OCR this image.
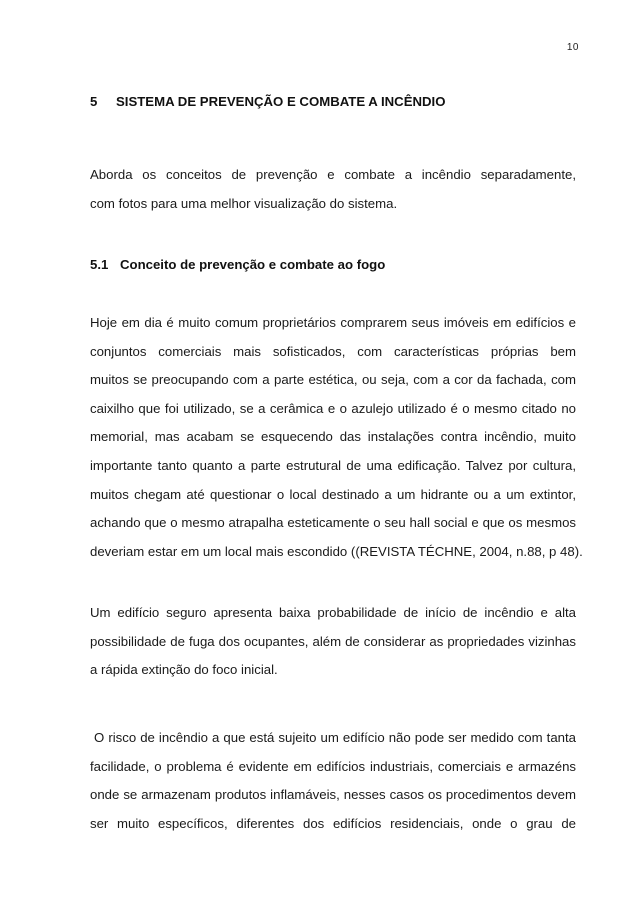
10
5 SISTEMA DE PREVENÇÃO E COMBATE A INCÊNDIO
Aborda os conceitos de prevenção e combate a incêndio separadamente,
com fotos para uma melhor visualização do sistema.
5.1 Conceito de prevenção e combate ao fogo
Hoje em dia é muito comum proprietários comprarem seus imóveis em edifícios e
conjuntos comerciais mais sofisticados, com características próprias bem
muitos se preocupando com a parte estética, ou seja, com a cor da fachada, com
caixilho que foi utilizado, se a cerâmica e o azulejo utilizado é o mesmo citado no
memorial, mas acabam se esquecendo das instalações contra incêndio, muito
importante tanto quanto a parte estrutural de uma edificação. Talvez por cultura,
muitos chegam até questionar o local destinado a um hidrante ou a um extintor,
achando que o mesmo atrapalha esteticamente o seu hall social e que os mesmos
deveriam estar em um local mais escondido ((REVISTA TÉCHNE, 2004, n.88, p 48).
Um edifício seguro apresenta baixa probabilidade de início de incêndio e alta
possibilidade de fuga dos ocupantes, além de considerar as propriedades vizinhas
a rápida extinção do foco inicial.
O risco de incêndio a que está sujeito um edifício não pode ser medido com tanta
facilidade, o problema é evidente em edifícios industriais, comerciais e armazéns
onde se armazenam produtos inflamáveis, nesses casos os procedimentos devem
ser muito específicos, diferentes dos edifícios residenciais, onde o grau de
